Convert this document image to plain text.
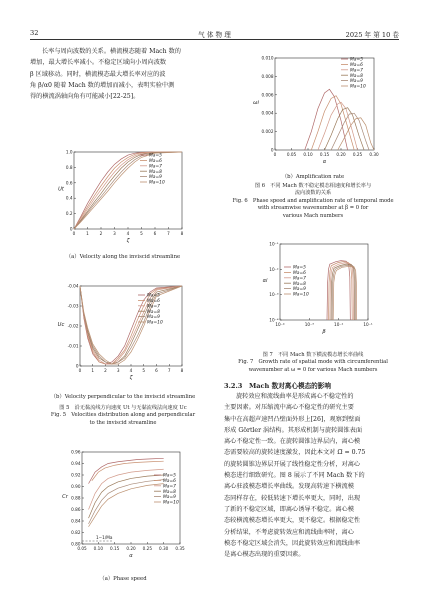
32	气 体 物 理	2025 年 第 10 卷

长率与周向波数的关系。横流模态随着 Mach 数的
增加，最大增长率减小。不稳定区域向小周向波数
β 区域移动。同时，横流模态最大增长率对应的波
角 β/α0 随着 Mach 数的增加而减小，表明实验中测
得的横流涡轴向角有可能减小[22-25]。

0	1	2	3	4	5	6	7	8
0
0.2
0.4
0.6
0.8
1.0
ζ
Ut
Ma=5
Ma=6
Ma=7
Ma=8
Ma=9
Ma=10
（a）Velocity along the inviscid streamline
0 1 2 3 4 5 6 7 8
0
-0.01
-0.02
-0.03
-0.04
ζ
Uc
Ma=5
Ma=6
Ma=7
Ma=8
Ma=9
Ma=10
（b）Velocity perpendicular to the inviscid streamline

图 5　沿无黏流线方向速度 Ut 与无黏流线法向速度 Uc

Fig. 5　Velocities distribution along and perpendicular

to the inviscid streamline

0.05 0.10 0.15 0.20 0.25 0.30 0.35
0.80
0.82
0.84
0.86
0.88
0.90
0.92
0.94
0.96
α
Cr
1−1/Ma
Ma=5
Ma=6
Ma=7
Ma=8
Ma=9
Ma=10
（a）Phase speed
0	0.05 0.10 0.15 0.20 0.25 0.30
0
0.002
0.004
0.006
0.008
0.010
α
ωi
Ma=5
Ma=6
Ma=7
Ma=8
Ma=9
Ma=10
（b）Amplification rate

图 6　不同 Mach 数不稳定模态相速度和增长率与

流向波数的关系

Fig. 6　Phase speed and amplification rate of temporal mode

with streamwise wavenumber at β = 0 for

various Mach numbers

10⁻⁴	10⁻³	10⁻²	10⁻¹
10⁻⁴
10⁻³
10⁻²
10⁻¹
β
αi
Ma=5
Ma=6
Ma=7
Ma=8
Ma=9
Ma=10

图 7　不同 Mach 数下横流模态增长率曲线

Fig. 7　Growth rate of spatial mode with circumferential

wavenumber at ω = 0 for various Mach numbers

3.2.3　Mach 数对离心模态的影响

旋转效应和流线曲率是形成离心不稳定性的
主要因素。对压缩流中离心不稳定性的研究主要
集中在高超声速凹凸壁面外形上[26]，观察到壁面
形成 Görtler 涡结构。其形成机制与旋转圆锥表面
离心不稳定性一致。在旋转圆锥边界层内，离心模
态需要较高的旋转速度激发，因此本文对 Ω̅ = 0.75
的旋转圆锥边界层开展了线性稳定性分析，对离心
模态进行细致研究。图 8 展示了不同 Mach 数下的
离心驻波模态增长率曲线。发现高转速下横流模
态同样存在，较低转速下增长率更大，同时，出现
了新的不稳定区域，即离心诱导不稳定。离心模
态较横流模态增长率更大，更不稳定。根据稳定性
分析结果，不考虑旋转效应和流线曲率时，离心
模态不稳定区域会消失，因此旋转效应和流线曲率
是离心模态出现的重要因素。
